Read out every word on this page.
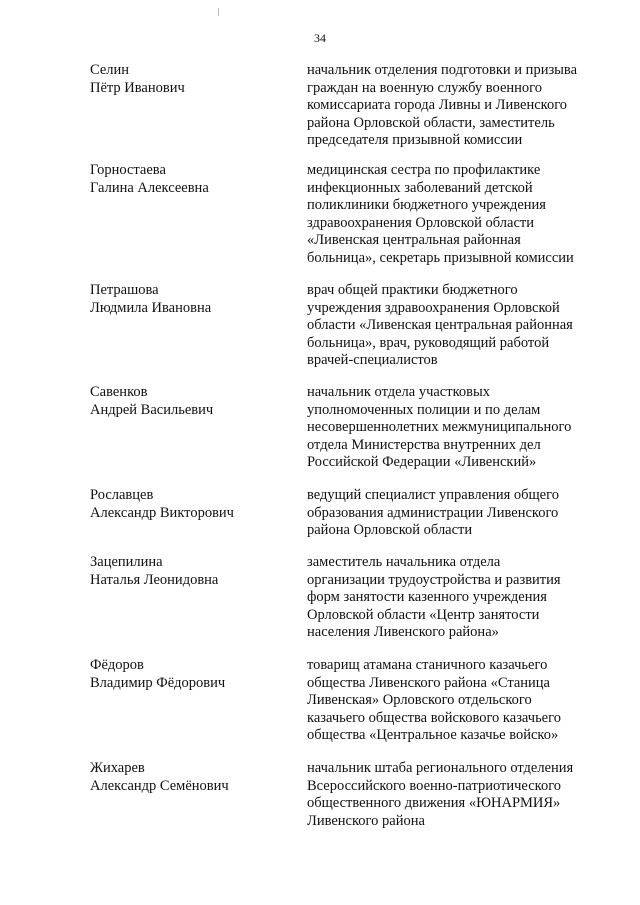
34
Селин
Пётр Иванович
начальник отделения подготовки и призыва
граждан на военную службу военного
комиссариата города Ливны и Ливенского
района Орловской области, заместитель
председателя призывной комиссии
Горностаева
Галина Алексеевна
медицинская сестра по профилактике
инфекционных заболеваний детской
поликлиники бюджетного учреждения
здравоохранения Орловской области
«Ливенская центральная районная
больница», секретарь призывной комиссии
Петрашова
Людмила Ивановна
врач общей практики бюджетного
учреждения здравоохранения Орловской
области «Ливенская центральная районная
больница», врач, руководящий работой
врачей-специалистов
Савенков
Андрей Васильевич
начальник отдела участковых
уполномоченных полиции и по делам
несовершеннолетних межмуниципального
отдела Министерства внутренних дел
Российской Федерации «Ливенский»
Рославцев
Александр Викторович
ведущий специалист управления общего
образования администрации Ливенского
района Орловской области
Зацепилина
Наталья Леонидовна
заместитель начальника отдела
организации трудоустройства и развития
форм занятости казенного учреждения
Орловской области «Центр занятости
населения Ливенского района»
Фёдоров
Владимир Фёдорович
товарищ атамана станичного казачьего
общества Ливенского района «Станица
Ливенская» Орловского отдельского
казачьего общества войскового казачьего
общества «Центральное казачье войско»
Жихарев
Александр Семёнович
начальник штаба регионального отделения
Всероссийского военно-патриотического
общественного движения «ЮНАРМИЯ»
Ливенского района
